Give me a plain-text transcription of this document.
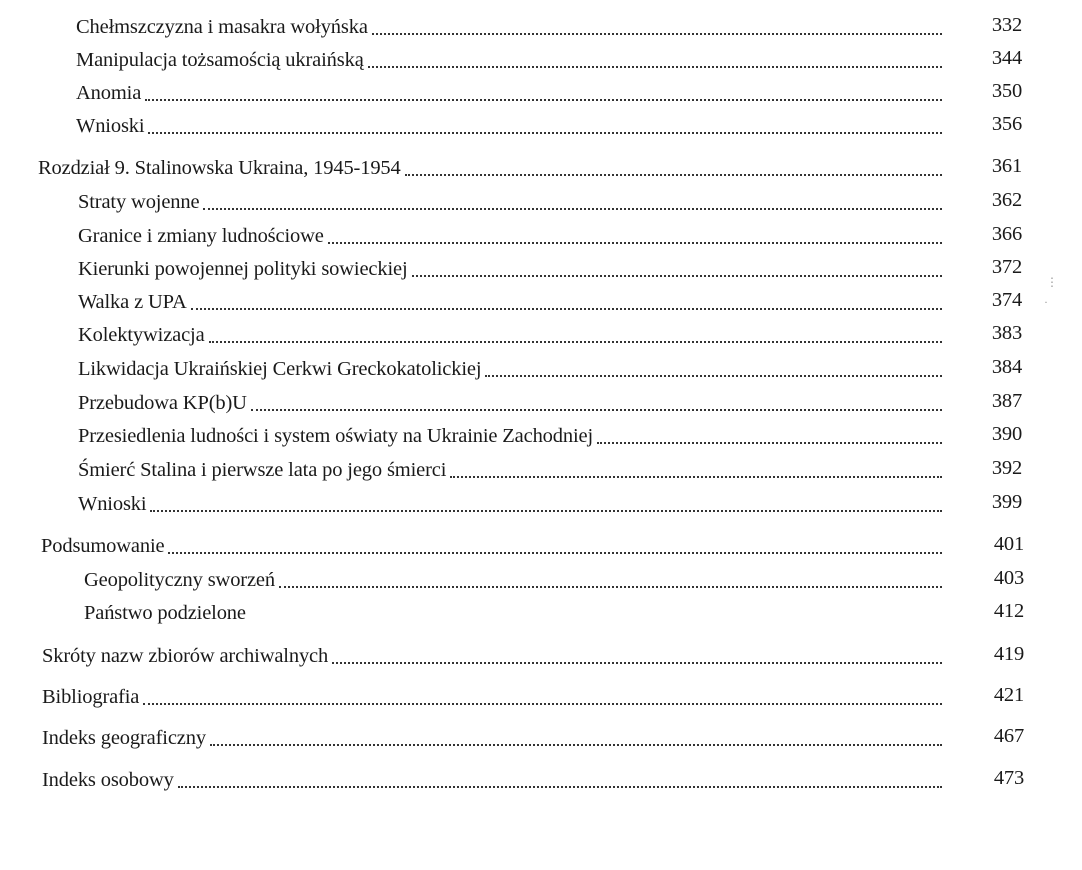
Chełmszczyzna i masakra wołyńska	332
Manipulacja tożsamością ukraińską	344
Anomia	350
Wnioski	356
Rozdział 9. Stalinowska Ukraina, 1945-1954	361
Straty wojenne	362
Granice i zmiany ludnościowe	366
Kierunki powojennej polityki sowieckiej	372
Walka z UPA	374
Kolektywizacja	383
Likwidacja Ukraińskiej Cerkwi Greckokatolickiej	384
Przebudowa KP(b)U	387
Przesiedlenia ludności i system oświaty na Ukrainie Zachodniej	390
Śmierć Stalina i pierwsze lata po jego śmierci	392
Wnioski	399
Podsumowanie	401
Geopolityczny sworzeń	403
Państwo podzielone	412
Skróty nazw zbiorów archiwalnych	419
Bibliografia	421
Indeks geograficzny	467
Indeks osobowy	473
⋮
·
